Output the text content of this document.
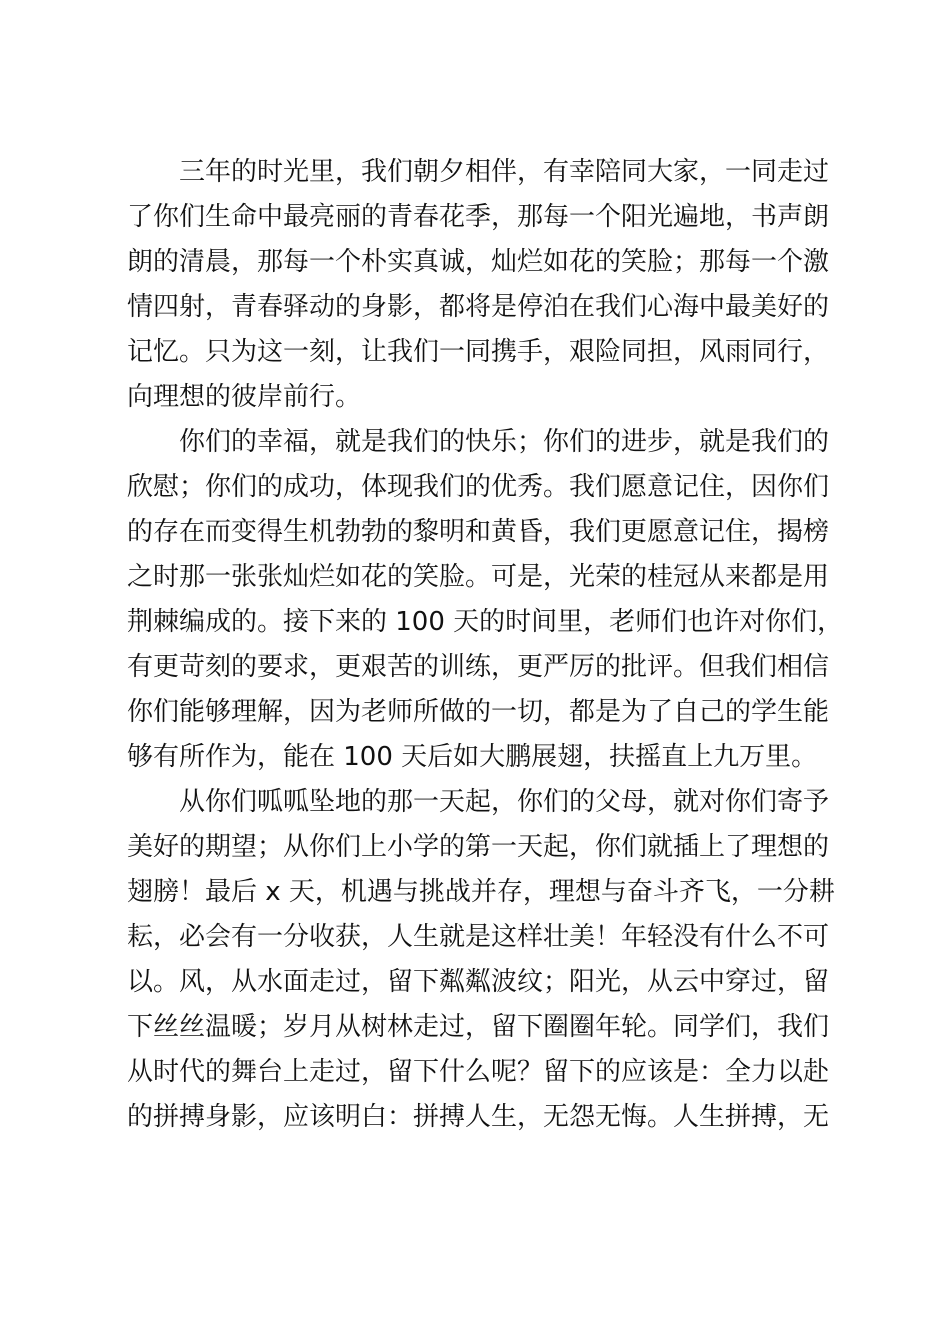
三年的时光里，我们朝夕相伴，有幸陪同大家，一同走过
了你们生命中最亮丽的青春花季，那每一个阳光遍地，书声朗
朗的清晨，那每一个朴实真诚，灿烂如花的笑脸；那每一个激
情四射，青春驿动的身影，都将是停泊在我们心海中最美好的
记忆。只为这一刻，让我们一同携手，艰险同担，风雨同行，
向理想的彼岸前行。
你们的幸福，就是我们的快乐；你们的进步，就是我们的
欣慰；你们的成功，体现我们的优秀。我们愿意记住，因你们
的存在而变得生机勃勃的黎明和黄昏，我们更愿意记住，揭榜
之时那一张张灿烂如花的笑脸。可是，光荣的桂冠从来都是用
荆棘编成的。接下来的 100 天的时间里，老师们也许对你们，
有更苛刻的要求，更艰苦的训练，更严厉的批评。但我们相信
你们能够理解，因为老师所做的一切，都是为了自己的学生能
够有所作为，能在 100 天后如大鹏展翅，扶摇直上九万里。
从你们呱呱坠地的那一天起，你们的父母，就对你们寄予
美好的期望；从你们上小学的第一天起，你们就插上了理想的
翅膀！最后 x 天，机遇与挑战并存，理想与奋斗齐飞，一分耕
耘，必会有一分收获，人生就是这样壮美！年轻没有什么不可
以。风，从水面走过，留下粼粼波纹；阳光，从云中穿过，留
下丝丝温暖；岁月从树林走过，留下圈圈年轮。同学们，我们
从时代的舞台上走过，留下什么呢？留下的应该是：全力以赴
的拼搏身影，应该明白：拼搏人生，无怨无悔。人生拼搏，无
